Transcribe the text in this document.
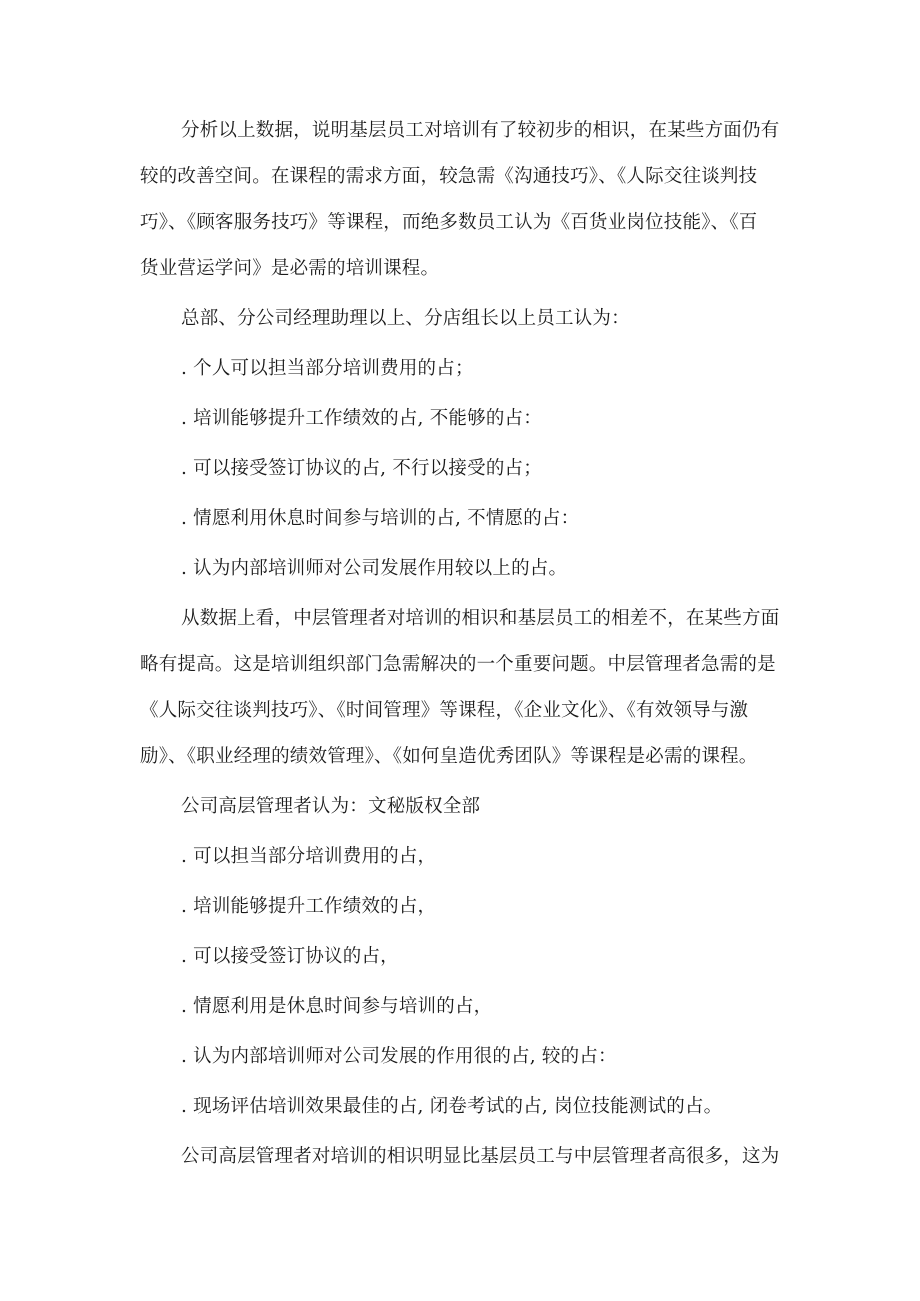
分析以上数据，说明基层员工对培训有了较初步的相识，在某些方面仍有

较的改善空间。在课程的需求方面，较急需《沟通技巧》、《人际交往谈判技

巧》、《顾客服务技巧》等课程，而绝多数员工认为《百货业岗位技能》、《百

货业营运学问》是必需的培训课程。

总部、分公司经理助理以上、分店组长以上员工认为：

. 个人可以担当部分培训费用的占；

. 培训能够提升工作绩效的占, 不能够的占：

. 可以接受签订协议的占, 不行以接受的占；

. 情愿利用休息时间参与培训的占, 不情愿的占：

. 认为内部培训师对公司发展作用较以上的占。

从数据上看，中层管理者对培训的相识和基层员工的相差不，在某些方面

略有提高。这是培训组织部门急需解决的一个重要问题。中层管理者急需的是

《人际交往谈判技巧》、《时间管理》等课程，《企业文化》、《有效领导与激

励》、《职业经理的绩效管理》、《如何皇造优秀团队》等课程是必需的课程。

公司高层管理者认为：文秘版权全部

. 可以担当部分培训费用的占，

. 培训能够提升工作绩效的占，

. 可以接受签订协议的占，

. 情愿利用是休息时间参与培训的占，

. 认为内部培训师对公司发展的作用很的占, 较的占：

. 现场评估培训效果最佳的占, 闭卷考试的占, 岗位技能测试的占。

公司高层管理者对培训的相识明显比基层员工与中层管理者高很多，这为
